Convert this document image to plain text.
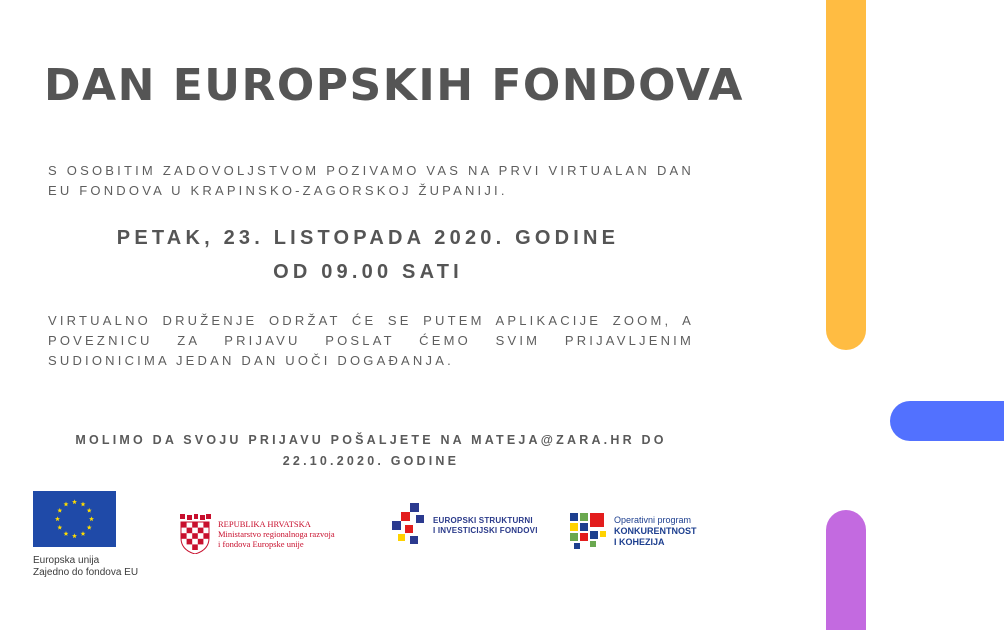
DAN EUROPSKIH FONDOVA

S OSOBITIM ZADOVOLJSTVOM POZIVAMO VAS NA PRVI VIRTUALAN DAN EU FONDOVA U KRAPINSKO-ZAGORSKOJ ŽUPANIJI.

PETAK, 23. LISTOPADA 2020. GODINE
OD 09.00 SATI

VIRTUALNO DRUŽENJE ODRŽAT ĆE SE PUTEM APLIKACIJE ZOOM, A POVEZNICU ZA PRIJAVU POSLAT ĆEMO SVIM PRIJAVLJENIM SUDIONICIMA JEDAN DAN UOČI DOGAĐANJA.

MOLIMO DA SVOJU PRIJAVU POŠALJETE NA MATEJA@ZARA.HR DO 22.10.2020. GODINE

Europska unija
Zajedno do fondova EU
REPUBLIKA HRVATSKA
Ministarstvo regionalnoga razvoja
i fondova Europske unije
EUROPSKI STRUKTURNI
I INVESTICIJSKI FONDOVI
Operativni program
KONKURENTNOST
I KOHEZIJA
